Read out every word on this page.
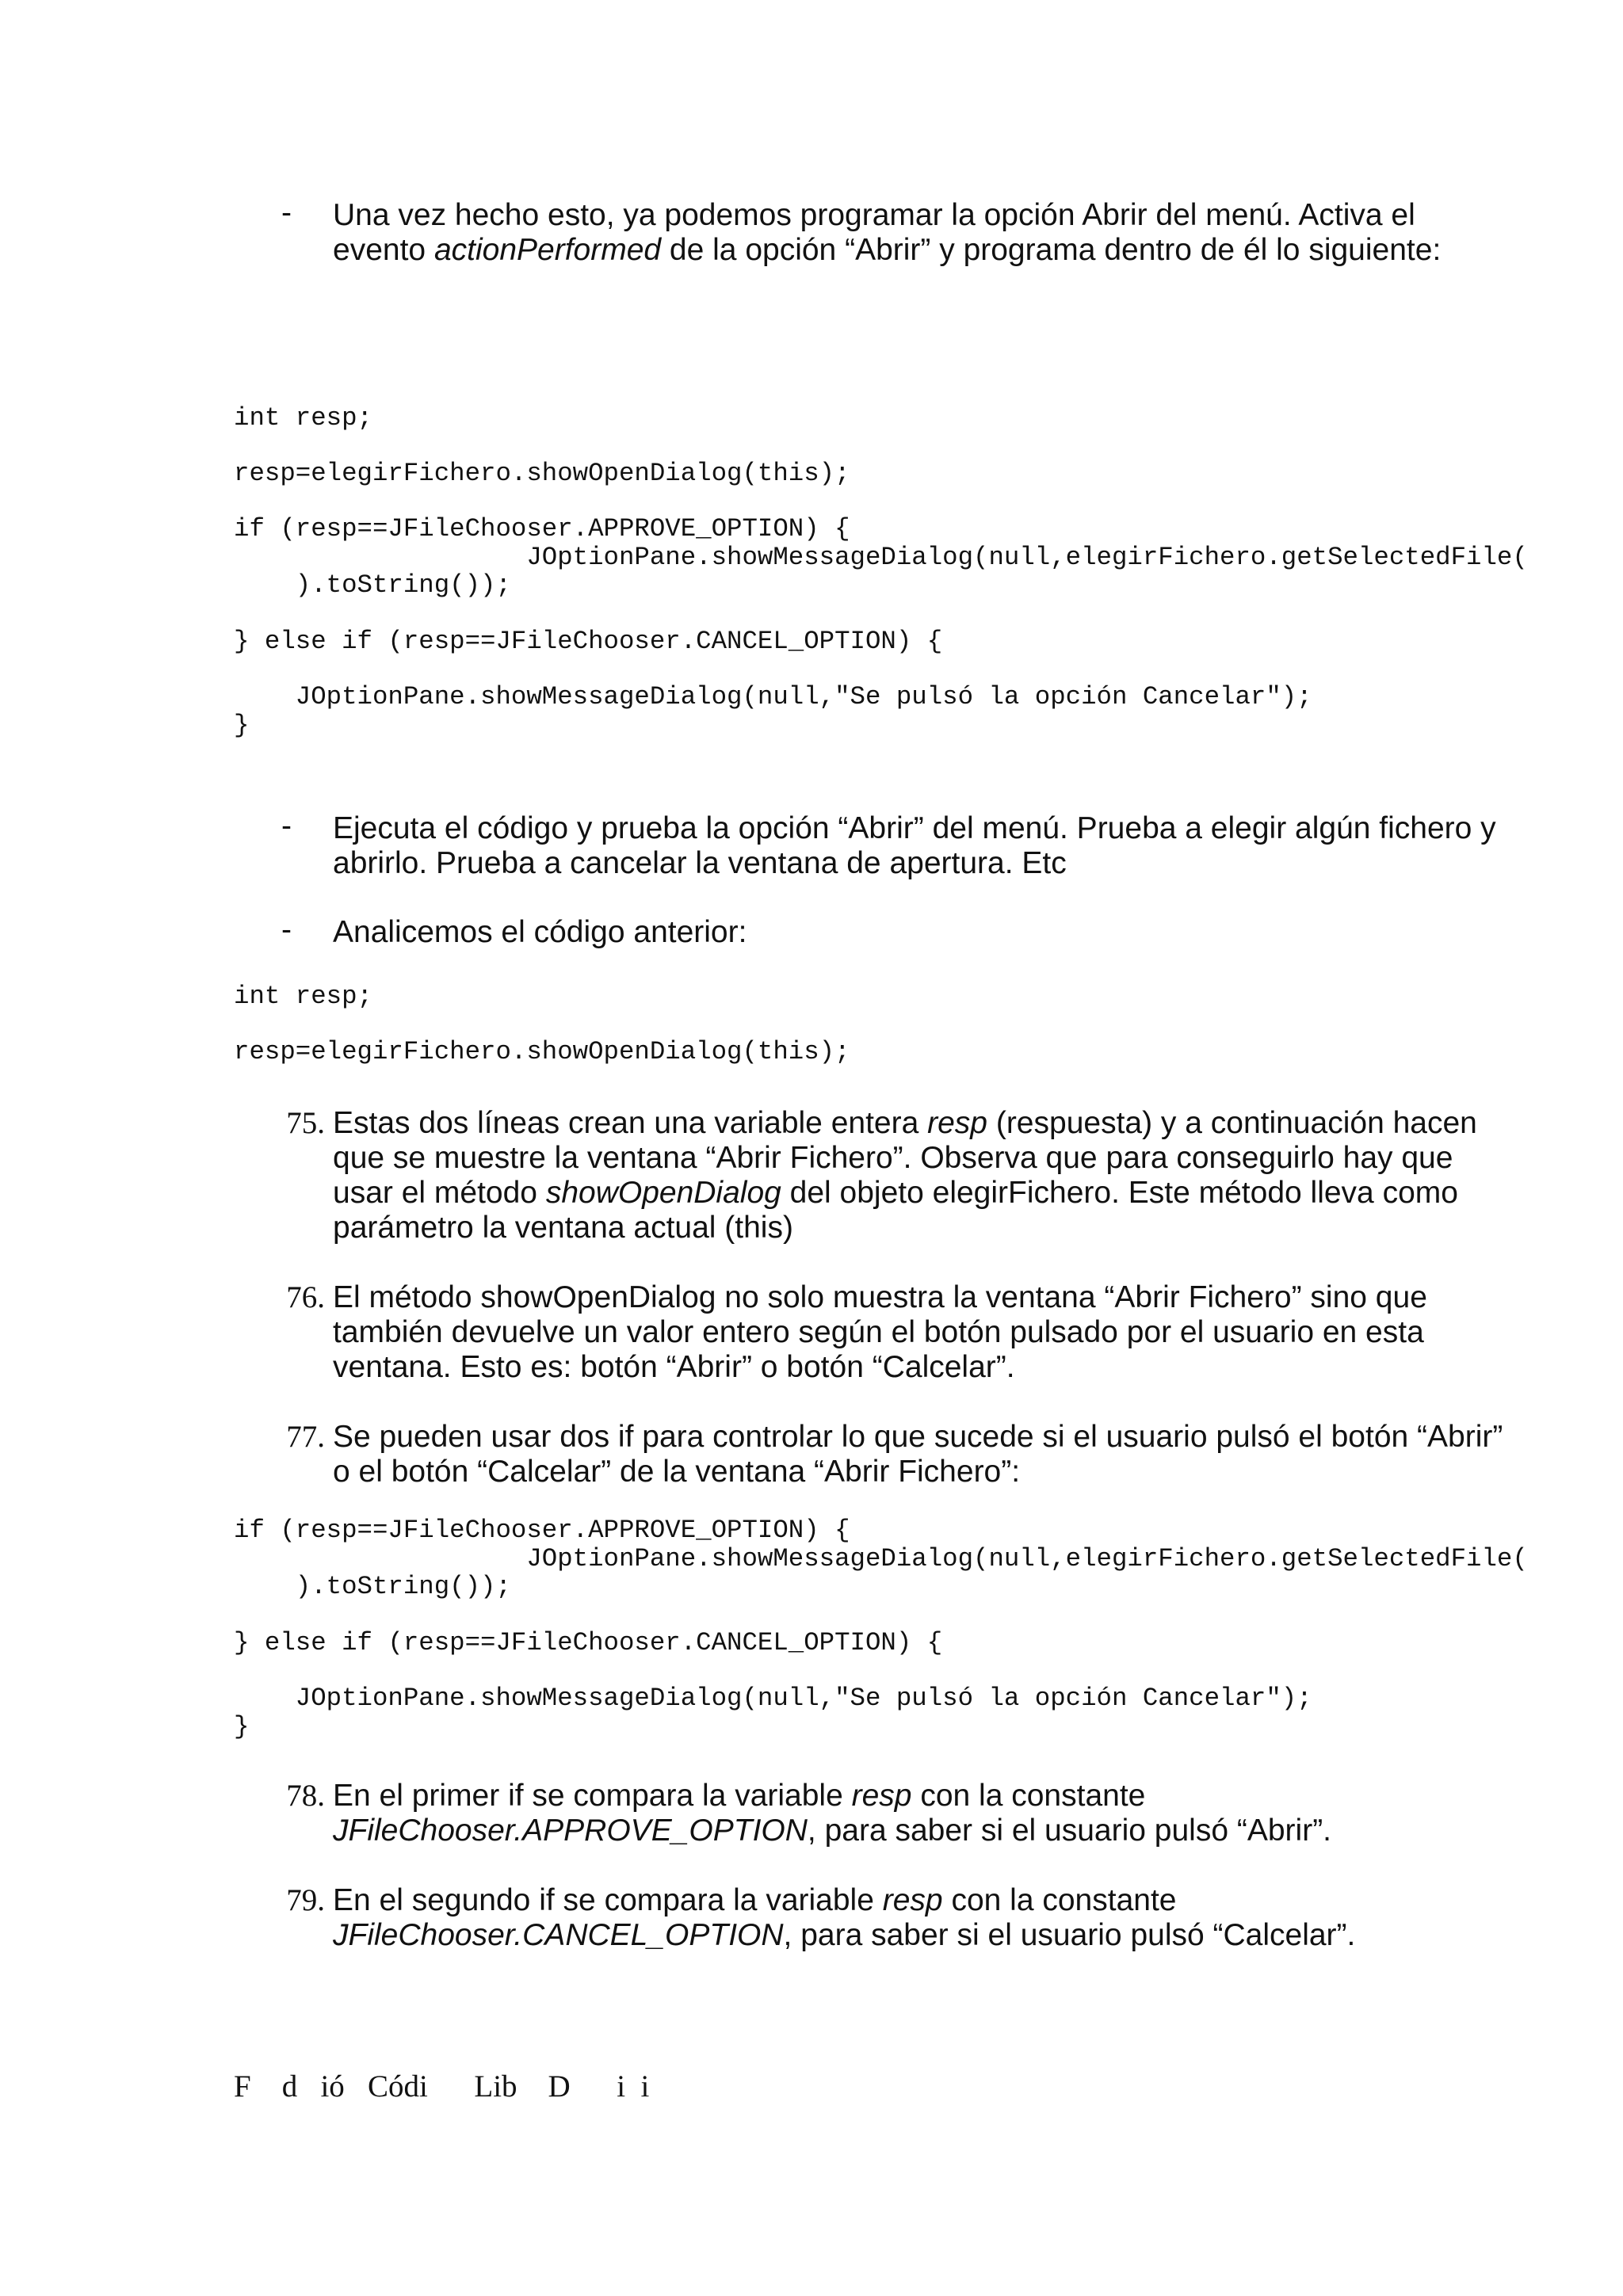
- Una vez hecho esto, ya podemos programar la opción Abrir del menú. Activa el
evento actionPerformed de la opción “Abrir” y programa dentro de él lo siguiente:
int resp;
resp=elegirFichero.showOpenDialog(this);
if (resp==JFileChooser.APPROVE_OPTION) {
JOptionPane.showMessageDialog(null,elegirFichero.getSelectedFile(
).toString());
} else if (resp==JFileChooser.CANCEL_OPTION) {
JOptionPane.showMessageDialog(null,"Se pulsó la opción Cancelar");
}
- Ejecuta el código y prueba la opción “Abrir” del menú. Prueba a elegir algún fichero y
abrirlo. Prueba a cancelar la ventana de apertura. Etc
- Analicemos el código anterior:
int resp;
resp=elegirFichero.showOpenDialog(this);
75. Estas dos líneas crean una variable entera resp (respuesta) y a continuación hacen
que se muestre la ventana “Abrir Fichero”. Observa que para conseguirlo hay que
usar el método showOpenDialog del objeto elegirFichero. Este método lleva como
parámetro la ventana actual (this)
76. El método showOpenDialog no solo muestra la ventana “Abrir Fichero” sino que
también devuelve un valor entero según el botón pulsado por el usuario en esta
ventana. Esto es: botón “Abrir” o botón “Calcelar”.
77. Se pueden usar dos if para controlar lo que sucede si el usuario pulsó el botón “Abrir”
o el botón “Calcelar” de la ventana “Abrir Fichero”:
if (resp==JFileChooser.APPROVE_OPTION) {
JOptionPane.showMessageDialog(null,elegirFichero.getSelectedFile(
).toString());
} else if (resp==JFileChooser.CANCEL_OPTION) {
JOptionPane.showMessageDialog(null,"Se pulsó la opción Cancelar");
}
78. En el primer if se compara la variable resp con la constante
JFileChooser.APPROVE_OPTION, para saber si el usuario pulsó “Abrir”.
79. En el segundo if se compara la variable resp con la constante
JFileChooser.CANCEL_OPTION, para saber si el usuario pulsó “Calcelar”.
F    d   ió   Códi      Lib    D      i  i
